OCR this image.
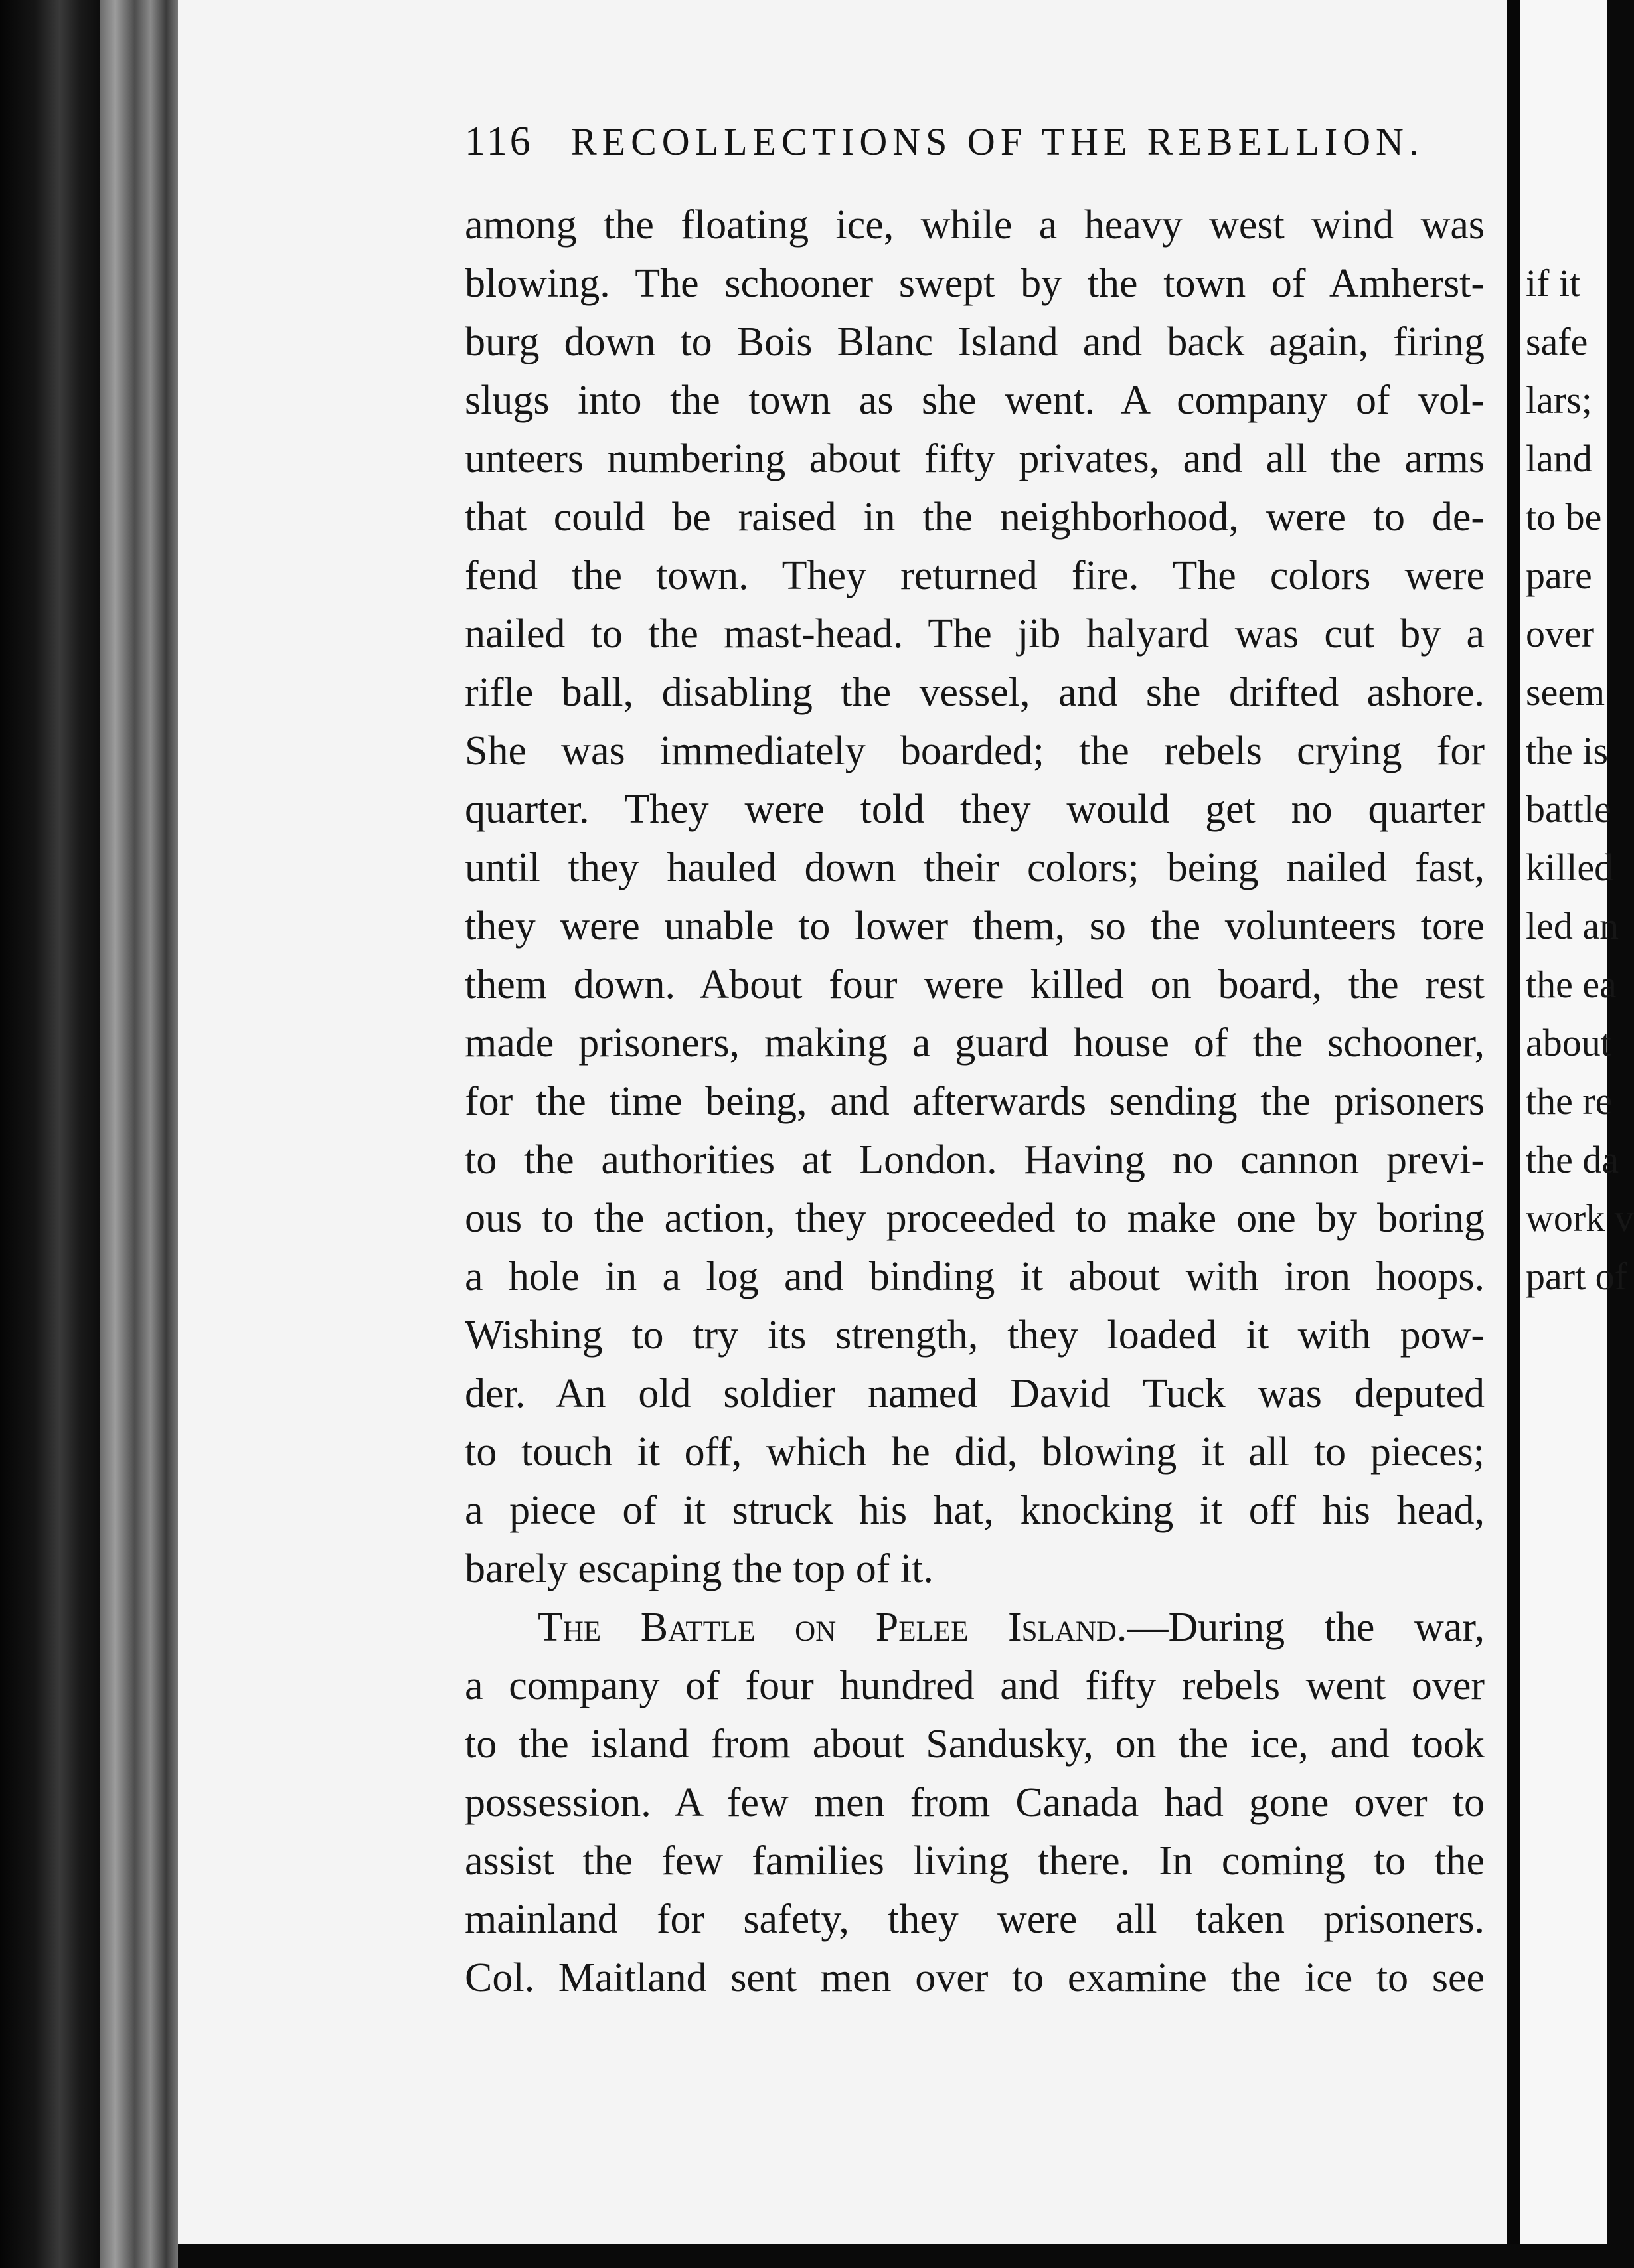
116 RECOLLECTIONS OF THE REBELLION.
among the floating ice, while a heavy west wind was
blowing. The schooner swept by the town of Amherst-
burg down to Bois Blanc Island and back again, firing
slugs into the town as she went. A company of vol-
unteers numbering about fifty privates, and all the arms
that could be raised in the neighborhood, were to de-
fend the town. They returned fire. The colors were
nailed to the mast-head. The jib halyard was cut by a
rifle ball, disabling the vessel, and she drifted ashore.
She was immediately boarded; the rebels crying for
quarter. They were told they would get no quarter
until they hauled down their colors; being nailed fast,
they were unable to lower them, so the volunteers tore
them down. About four were killed on board, the rest
made prisoners, making a guard house of the schooner,
for the time being, and afterwards sending the prisoners
to the authorities at London. Having no cannon previ-
ous to the action, they proceeded to make one by boring
a hole in a log and binding it about with iron hoops.
Wishing to try its strength, they loaded it with pow-
der. An old soldier named David Tuck was deputed
to touch it off, which he did, blowing it all to pieces;
a piece of it struck his hat, knocking it off his head,
barely escaping the top of it.
The Battle on Pelee Island.—During the war,
a company of four hundred and fifty rebels went over
to the island from about Sandusky, on the ice, and took
possession. A few men from Canada had gone over to
assist the few families living there. In coming to the
mainland for safety, they were all taken prisoners.
Col. Maitland sent men over to examine the ice to see
if it
safe
lars;
land
to be
pare
over
seem
the is
battle
killed
led an
the ea
about
the re
the da
work v
part of
